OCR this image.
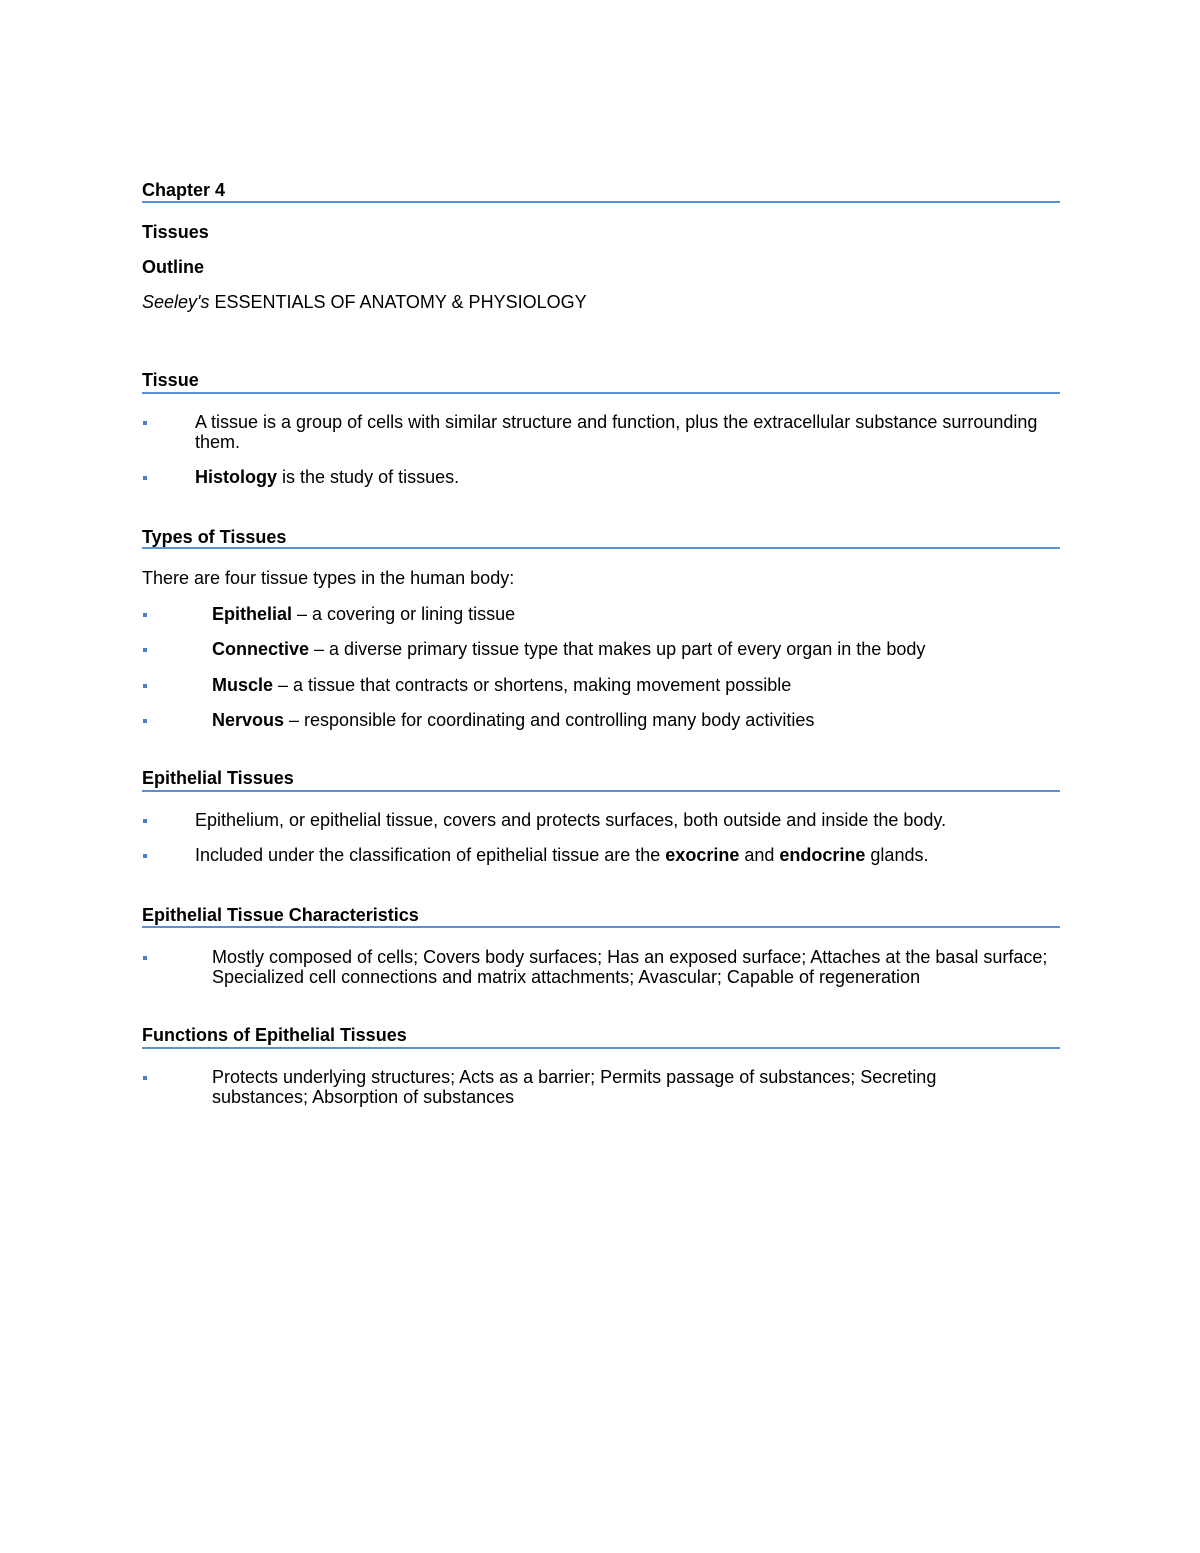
Chapter 4
Tissues
Outline
Seeley's ESSENTIALS OF ANATOMY & PHYSIOLOGY
Tissue
A tissue is a group of cells with similar structure and function, plus the extracellular substance surrounding them.
Histology is the study of tissues.
Types of Tissues
There are four tissue types in the human body:
Epithelial – a covering or lining tissue
Connective – a diverse primary tissue type that makes up part of every organ in the body
Muscle – a tissue that contracts or shortens, making movement possible
Nervous – responsible for coordinating and controlling many body activities
Epithelial Tissues
Epithelium, or epithelial tissue, covers and protects surfaces, both outside and inside the body.
Included under the classification of epithelial tissue are the exocrine and endocrine glands.
Epithelial Tissue Characteristics
Mostly composed of cells; Covers body surfaces; Has an exposed surface; Attaches at the basal surface; Specialized cell connections and matrix attachments; Avascular; Capable of regeneration
Functions of Epithelial Tissues
Protects underlying structures; Acts as a barrier; Permits passage of substances; Secreting substances; Absorption of substances
